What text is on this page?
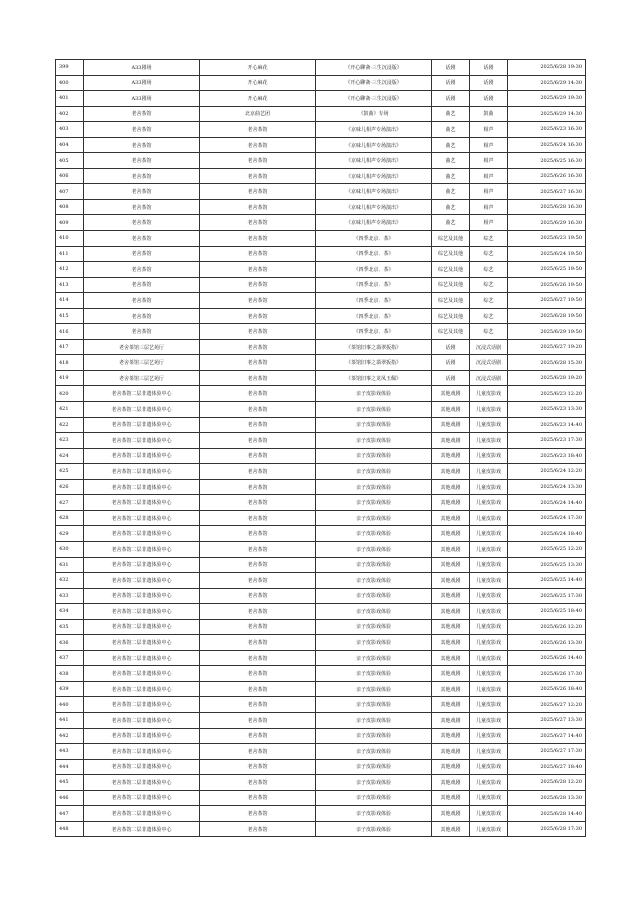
399	A33剧场	开心麻花	《开心聊斋·三生沉浸版》	话剧	话剧	2025/6/28 19:30
400	A33剧场	开心麻花	《开心聊斋·三生沉浸版》	话剧	话剧	2025/6/29 14:30
401	A33剧场	开心麻花	《开心聊斋·三生沉浸版》	话剧	话剧	2025/6/29 19:30
402	老舍茶馆	北京曲艺团	《鼓曲》专场	曲艺	鼓曲	2025/6/29 14:30
403	老舍茶馆	老舍茶馆	《京味儿相声专场演出》	曲艺	相声	2025/6/23 16:30
404	老舍茶馆	老舍茶馆	《京味儿相声专场演出》	曲艺	相声	2025/6/24 16:30
405	老舍茶馆	老舍茶馆	《京味儿相声专场演出》	曲艺	相声	2025/6/25 16:30
406	老舍茶馆	老舍茶馆	《京味儿相声专场演出》	曲艺	相声	2025/6/26 16:30
407	老舍茶馆	老舍茶馆	《京味儿相声专场演出》	曲艺	相声	2025/6/27 16:30
408	老舍茶馆	老舍茶馆	《京味儿相声专场演出》	曲艺	相声	2025/6/28 16:30
409	老舍茶馆	老舍茶馆	《京味儿相声专场演出》	曲艺	相声	2025/6/29 16:30
410	老舍茶馆	老舍茶馆	《四季北京．茶》	综艺及其他	综艺	2025/6/23 19:50
411	老舍茶馆	老舍茶馆	《四季北京．茶》	综艺及其他	综艺	2025/6/24 19:50
412	老舍茶馆	老舍茶馆	《四季北京．茶》	综艺及其他	综艺	2025/6/25 19:50
413	老舍茶馆	老舍茶馆	《四季北京．茶》	综艺及其他	综艺	2025/6/26 19:50
414	老舍茶馆	老舍茶馆	《四季北京．茶》	综艺及其他	综艺	2025/6/27 19:50
415	老舍茶馆	老舍茶馆	《四季北京．茶》	综艺及其他	综艺	2025/6/28 19:50
416	老舍茶馆	老舍茶馆	《四季北京．茶》	综艺及其他	综艺	2025/6/29 19:50
417	老舍茶馆三层艺苑厅	老舍茶馆	《茶馆旧事之翡翠扳指》	话剧	沉浸式话剧	2025/6/27 19:20
418	老舍茶馆三层艺苑厅	老舍茶馆	《茶馆旧事之翡翠扳指》	话剧	沉浸式话剧	2025/6/28 15:30
419	老舍茶馆三层艺苑厅	老舍茶馆	《茶馆旧事之龙凤玉佩》	话剧	沉浸式话剧	2025/6/28 19:20
420	老舍茶馆二层非遗体验中心	老舍茶馆	亲子皮影戏体验	其他戏剧	儿童皮影戏	2025/6/23 12:20
421	老舍茶馆二层非遗体验中心	老舍茶馆	亲子皮影戏体验	其他戏剧	儿童皮影戏	2025/6/23 13:30
422	老舍茶馆二层非遗体验中心	老舍茶馆	亲子皮影戏体验	其他戏剧	儿童皮影戏	2025/6/23 14:40
423	老舍茶馆二层非遗体验中心	老舍茶馆	亲子皮影戏体验	其他戏剧	儿童皮影戏	2025/6/23 17:30
424	老舍茶馆二层非遗体验中心	老舍茶馆	亲子皮影戏体验	其他戏剧	儿童皮影戏	2025/6/23 18:40
425	老舍茶馆二层非遗体验中心	老舍茶馆	亲子皮影戏体验	其他戏剧	儿童皮影戏	2025/6/24 12:20
426	老舍茶馆二层非遗体验中心	老舍茶馆	亲子皮影戏体验	其他戏剧	儿童皮影戏	2025/6/24 13:30
427	老舍茶馆二层非遗体验中心	老舍茶馆	亲子皮影戏体验	其他戏剧	儿童皮影戏	2025/6/24 14:40
428	老舍茶馆二层非遗体验中心	老舍茶馆	亲子皮影戏体验	其他戏剧	儿童皮影戏	2025/6/24 17:30
429	老舍茶馆二层非遗体验中心	老舍茶馆	亲子皮影戏体验	其他戏剧	儿童皮影戏	2025/6/24 18:40
430	老舍茶馆二层非遗体验中心	老舍茶馆	亲子皮影戏体验	其他戏剧	儿童皮影戏	2025/6/25 12:20
431	老舍茶馆二层非遗体验中心	老舍茶馆	亲子皮影戏体验	其他戏剧	儿童皮影戏	2025/6/25 13:30
432	老舍茶馆二层非遗体验中心	老舍茶馆	亲子皮影戏体验	其他戏剧	儿童皮影戏	2025/6/25 14:40
433	老舍茶馆二层非遗体验中心	老舍茶馆	亲子皮影戏体验	其他戏剧	儿童皮影戏	2025/6/25 17:30
434	老舍茶馆二层非遗体验中心	老舍茶馆	亲子皮影戏体验	其他戏剧	儿童皮影戏	2025/6/25 18:40
435	老舍茶馆二层非遗体验中心	老舍茶馆	亲子皮影戏体验	其他戏剧	儿童皮影戏	2025/6/26 12:20
436	老舍茶馆二层非遗体验中心	老舍茶馆	亲子皮影戏体验	其他戏剧	儿童皮影戏	2025/6/26 13:30
437	老舍茶馆二层非遗体验中心	老舍茶馆	亲子皮影戏体验	其他戏剧	儿童皮影戏	2025/6/26 14:40
438	老舍茶馆二层非遗体验中心	老舍茶馆	亲子皮影戏体验	其他戏剧	儿童皮影戏	2025/6/26 17:30
439	老舍茶馆二层非遗体验中心	老舍茶馆	亲子皮影戏体验	其他戏剧	儿童皮影戏	2025/6/26 18:40
440	老舍茶馆二层非遗体验中心	老舍茶馆	亲子皮影戏体验	其他戏剧	儿童皮影戏	2025/6/27 12:20
441	老舍茶馆二层非遗体验中心	老舍茶馆	亲子皮影戏体验	其他戏剧	儿童皮影戏	2025/6/27 13:30
442	老舍茶馆二层非遗体验中心	老舍茶馆	亲子皮影戏体验	其他戏剧	儿童皮影戏	2025/6/27 14:40
443	老舍茶馆二层非遗体验中心	老舍茶馆	亲子皮影戏体验	其他戏剧	儿童皮影戏	2025/6/27 17:30
444	老舍茶馆二层非遗体验中心	老舍茶馆	亲子皮影戏体验	其他戏剧	儿童皮影戏	2025/6/27 18:40
445	老舍茶馆二层非遗体验中心	老舍茶馆	亲子皮影戏体验	其他戏剧	儿童皮影戏	2025/6/28 12:20
446	老舍茶馆二层非遗体验中心	老舍茶馆	亲子皮影戏体验	其他戏剧	儿童皮影戏	2025/6/28 13:30
447	老舍茶馆二层非遗体验中心	老舍茶馆	亲子皮影戏体验	其他戏剧	儿童皮影戏	2025/6/28 14:40
448	老舍茶馆二层非遗体验中心	老舍茶馆	亲子皮影戏体验	其他戏剧	儿童皮影戏	2025/6/28 17:30
